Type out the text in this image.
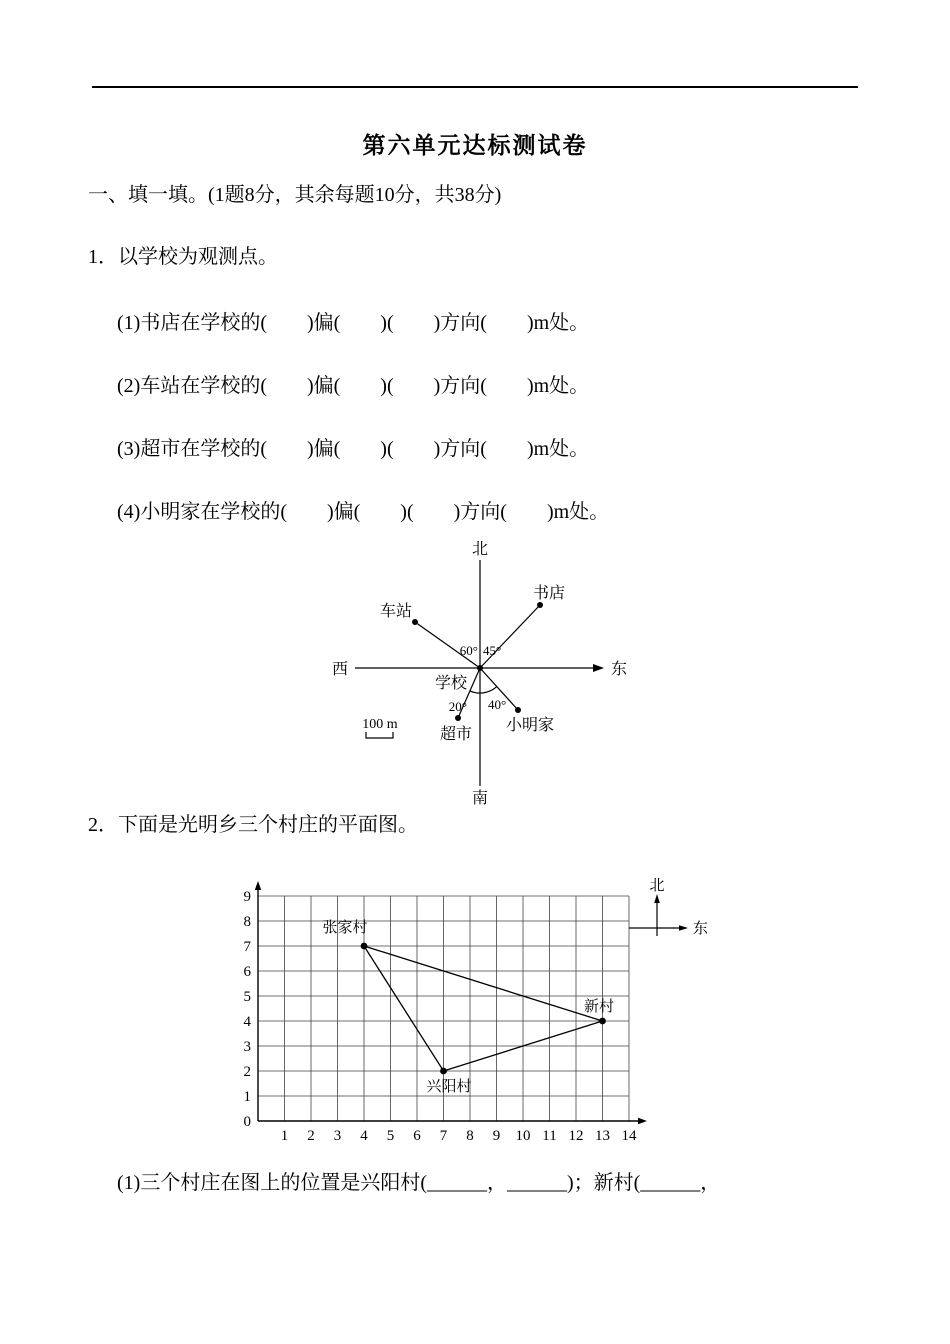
第六单元达标测试卷
一、填一填。(1题8分，其余每题10分，共38分)
1．以学校为观测点。
(1)书店在学校的(　　)偏(　　)(　　)方向(　　)m处。
(2)车站在学校的(　　)偏(　　)(　　)方向(　　)m处。
(3)超市在学校的(　　)偏(　　)(　　)方向(　　)m处。
(4)小明家在学校的(　　)偏(　　)(　　)方向(　　)m处。
北
南
西	东
学校
书店
车站
超市
小明家
60° 45°
20° 40°
100 m
2．下面是光明乡三个村庄的平面图。
张家村
兴阳村
新村
9
8
7
6
5
4
3
2
1
0
1 2 3 4 5 6 7 8 9 10 11 12 13 14
北
东
(1)三个村庄在图上的位置是兴阳村(______，______)；新村(______，
